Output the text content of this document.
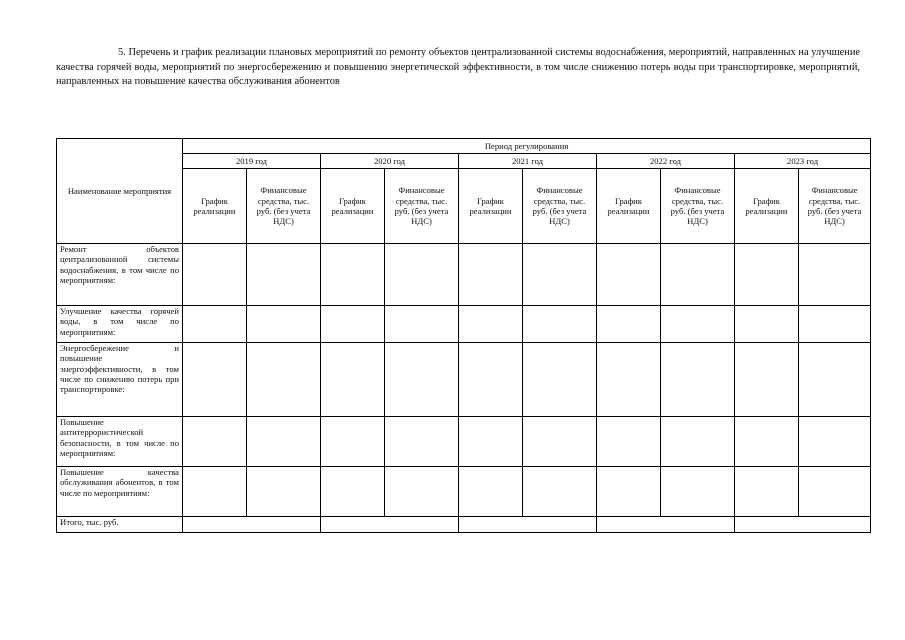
5. Перечень и график реализации плановых мероприятий по ремонту объектов централизованной системы водоснабжения, мероприятий, направленных на улучшение качества горячей воды, мероприятий по энергосбережению и повышению энергетической эффективности, в том числе снижению потерь воды при транспортировке, мероприятий, направленных на повышение качества обслуживания абонентов

Наименование мероприятия	Период регулирования									
	2019 год		2020 год		2021 год		2022 год		2023 год	
	График реализации	Финансовые средства, тыс. руб. (без учета НДС)	График реализации	Финансовые средства, тыс. руб. (без учета НДС)	График реализации	Финансовые средства, тыс. руб. (без учета НДС)	График реализации	Финансовые средства, тыс. руб. (без учета НДС)	График реализации	Финансовые средства, тыс. руб. (без учета НДС)
Ремонт объектов централизованной системы водоснабжения, в том числе по мероприятиям:										
Улучшение качества горячей воды, в том числе по мероприятиям:										
Энергосбережение и повышение энергоэффективности, в том числе по снижению потерь при транспортировке:										
Повышение антитеррористической безопасности, в том числе по мероприятиям:										
Повышение качества обслуживания абонентов, в том числе по мероприятиям:										
Итого, тыс. руб.										
